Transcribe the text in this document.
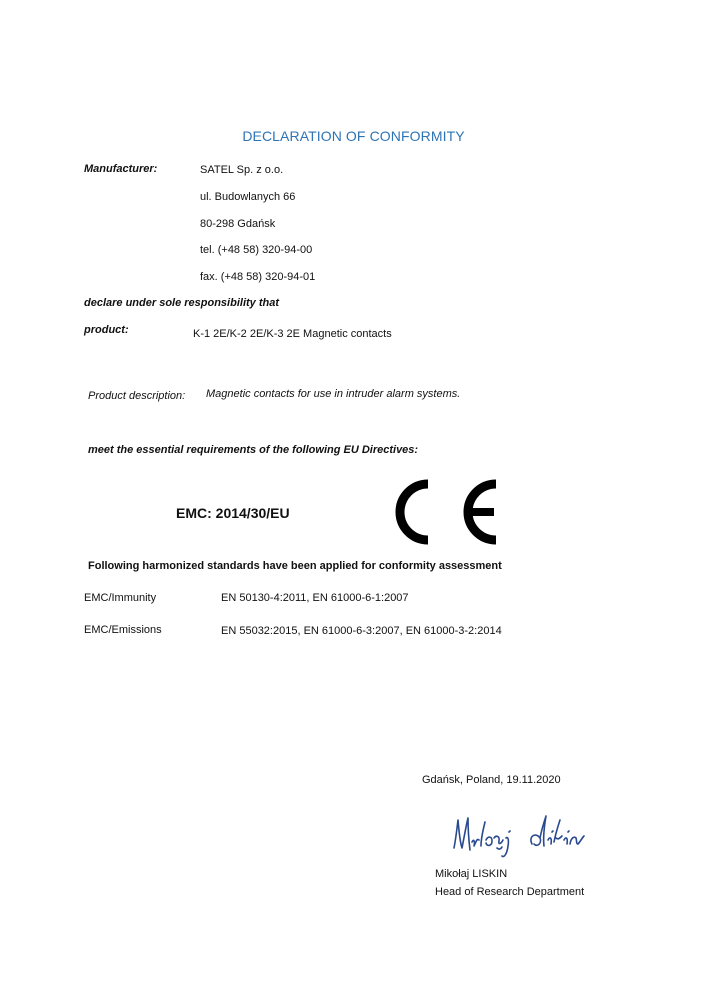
DECLARATION OF CONFORMITY
Manufacturer:	SATEL Sp. z o.o.
ul. Budowlanych 66
80-298 Gdańsk
tel. (+48 58) 320-94-00
fax. (+48 58) 320-94-01
declare under sole responsibility that
product:	K-1 2E/K-2 2E/K-3 2E Magnetic contacts
Product description: Magnetic contacts for use in intruder alarm systems.
meet the essential requirements of the following EU Directives:
EMC: 2014/30/EU
Following harmonized standards have been applied for conformity assessment
EMC/Immunity	EN 50130-4:2011, EN 61000-6-1:2007
EMC/Emissions	EN 55032:2015, EN 61000-6-3:2007, EN 61000-3-2:2014
Gdańsk, Poland, 19.11.2020
Mikołaj Liskin
Mikołaj LISKIN
Head of Research Department
